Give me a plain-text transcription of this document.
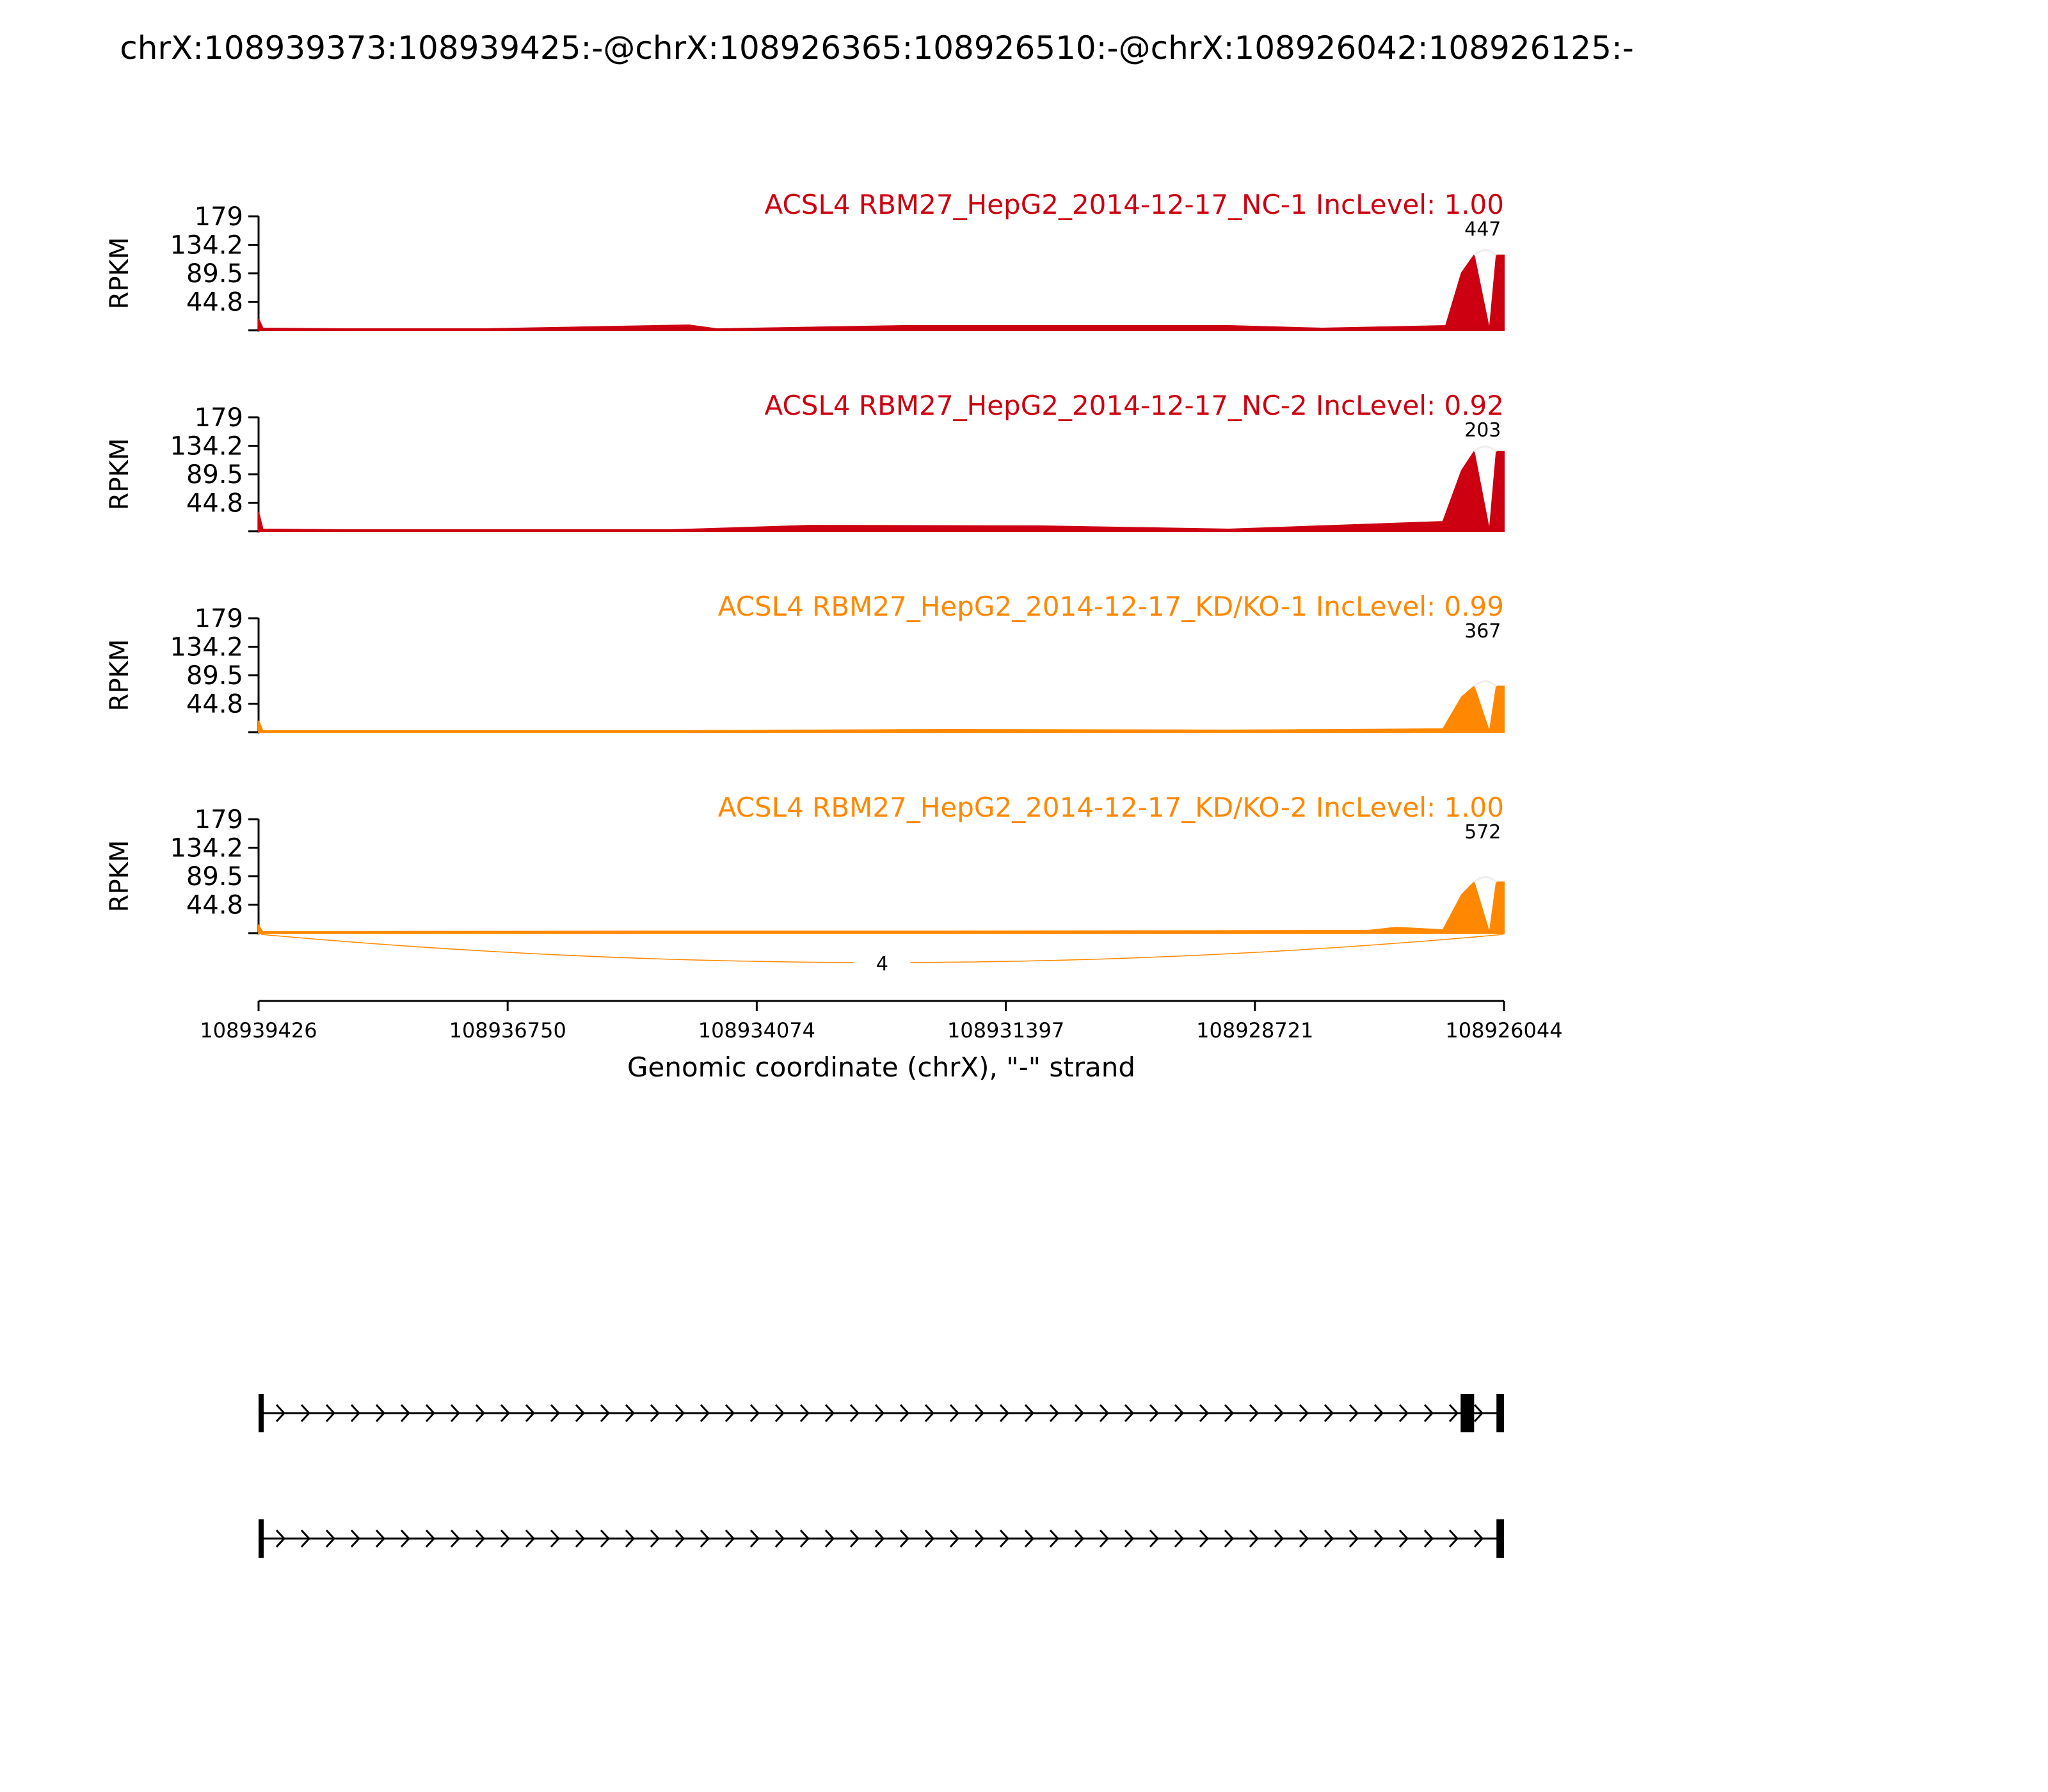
chrX:108939373:108939425:-@chrX:108926365:108926510:-@chrX:108926042:108926125:-
179
134.2
89.5
44.8
RPKM
447
ACSL4 RBM27_HepG2_2014-12-17_NC-1 IncLevel: 1.00
179
134.2
89.5
44.8
RPKM
203
ACSL4 RBM27_HepG2_2014-12-17_NC-2 IncLevel: 0.92
179
134.2
89.5
44.8
RPKM
367
ACSL4 RBM27_HepG2_2014-12-17_KD/KO-1 IncLevel: 0.99
179
134.2
89.5
44.8
RPKM
572
ACSL4 RBM27_HepG2_2014-12-17_KD/KO-2 IncLevel: 1.00
4
108939426	108936750	108934074	108931397	108928721	108926044
Genomic coordinate (chrX), "-" strand
